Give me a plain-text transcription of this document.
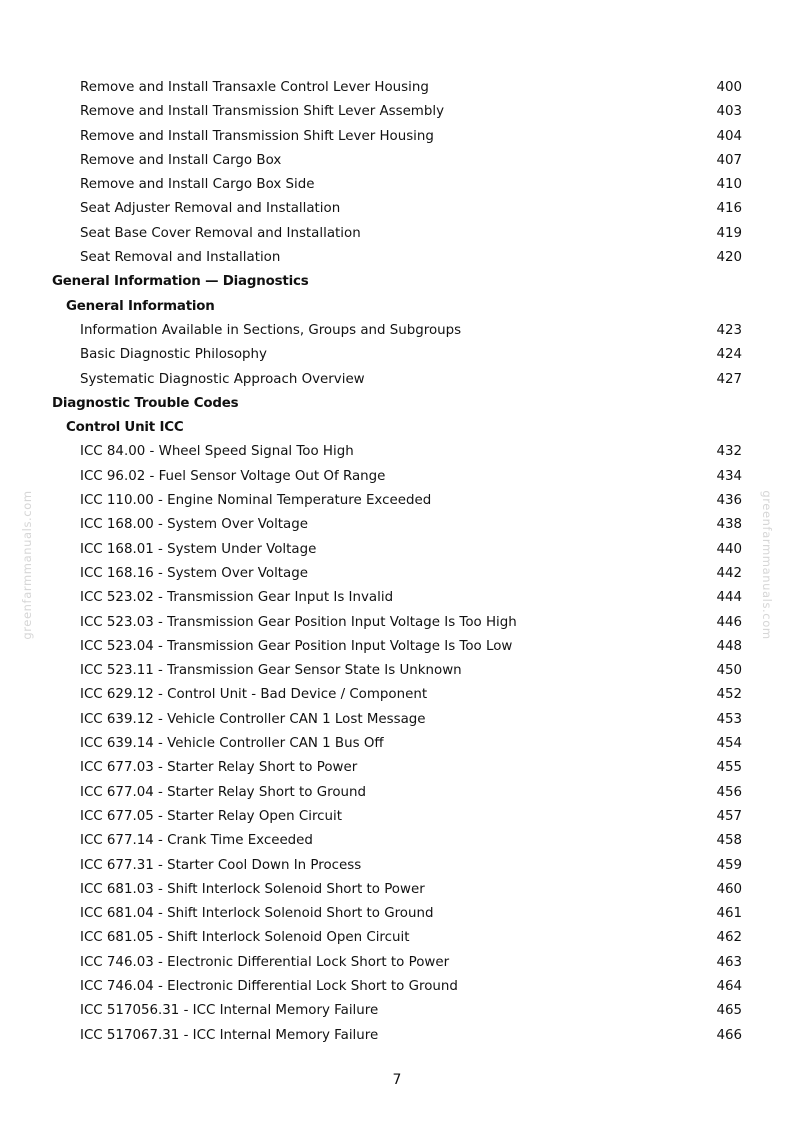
greenfarmmanuals.com	greenfarmmanuals.com
Remove and Install Transaxle Control Lever Housing	400
Remove and Install Transmission Shift Lever Assembly	403
Remove and Install Transmission Shift Lever Housing	404
Remove and Install Cargo Box	407
Remove and Install Cargo Box Side	410
Seat Adjuster Removal and Installation	416
Seat Base Cover Removal and Installation	419
Seat Removal and Installation	420
General Information — Diagnostics
General Information
Information Available in Sections, Groups and Subgroups	423
Basic Diagnostic Philosophy	424
Systematic Diagnostic Approach Overview	427
Diagnostic Trouble Codes
Control Unit ICC
ICC 84.00 - Wheel Speed Signal Too High	432
ICC 96.02 - Fuel Sensor Voltage Out Of Range	434
ICC 110.00 - Engine Nominal Temperature Exceeded	436
ICC 168.00 - System Over Voltage	438
ICC 168.01 - System Under Voltage	440
ICC 168.16 - System Over Voltage	442
ICC 523.02 - Transmission Gear Input Is Invalid	444
ICC 523.03 - Transmission Gear Position Input Voltage Is Too High	446
ICC 523.04 - Transmission Gear Position Input Voltage Is Too Low	448
ICC 523.11 - Transmission Gear Sensor State Is Unknown	450
ICC 629.12 - Control Unit - Bad Device / Component	452
ICC 639.12 - Vehicle Controller CAN 1 Lost Message	453
ICC 639.14 - Vehicle Controller CAN 1 Bus Off	454
ICC 677.03 - Starter Relay Short to Power	455
ICC 677.04 - Starter Relay Short to Ground	456
ICC 677.05 - Starter Relay Open Circuit	457
ICC 677.14 - Crank Time Exceeded	458
ICC 677.31 - Starter Cool Down In Process	459
ICC 681.03 - Shift Interlock Solenoid Short to Power	460
ICC 681.04 - Shift Interlock Solenoid Short to Ground	461
ICC 681.05 - Shift Interlock Solenoid Open Circuit	462
ICC 746.03 - Electronic Differential Lock Short to Power	463
ICC 746.04 - Electronic Differential Lock Short to Ground	464
ICC 517056.31 - ICC Internal Memory Failure	465
ICC 517067.31 - ICC Internal Memory Failure	466
7
